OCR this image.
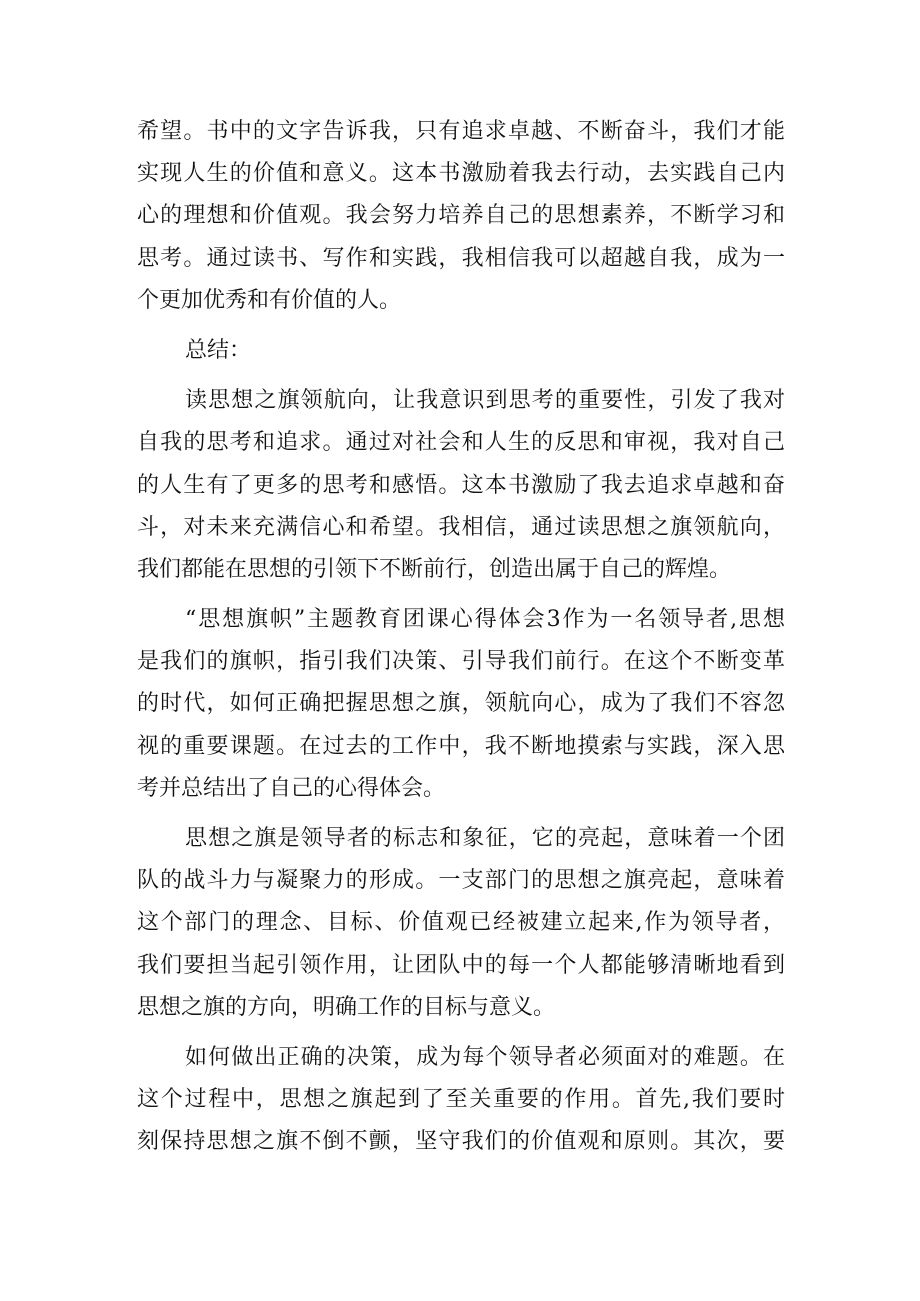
希望。书中的文字告诉我，只有追求卓越、不断奋斗，我们才能
实现人生的价值和意义。这本书激励着我去行动，去实践自己内
心的理想和价值观。我会努力培养自己的思想素养，不断学习和
思考。通过读书、写作和实践，我相信我可以超越自我，成为一
个更加优秀和有价值的人。
总结：
读思想之旗领航向，让我意识到思考的重要性，引发了我对
自我的思考和追求。通过对社会和人生的反思和审视，我对自己
的人生有了更多的思考和感悟。这本书激励了我去追求卓越和奋
斗，对未来充满信心和希望。我相信，通过读思想之旗领航向，
我们都能在思想的引领下不断前行，创造出属于自己的辉煌。
“思想旗帜”主题教育团课心得体会3作为一名领导者,思想
是我们的旗帜，指引我们决策、引导我们前行。在这个不断变革
的时代，如何正确把握思想之旗，领航向心，成为了我们不容忽
视的重要课题。在过去的工作中，我不断地摸索与实践，深入思
考并总结出了自己的心得体会。
思想之旗是领导者的标志和象征，它的亮起，意味着一个团
队的战斗力与凝聚力的形成。一支部门的思想之旗亮起，意味着
这个部门的理念、目标、价值观已经被建立起来,作为领导者，
我们要担当起引领作用，让团队中的每一个人都能够清晰地看到
思想之旗的方向，明确工作的目标与意义。
如何做出正确的决策，成为每个领导者必须面对的难题。在
这个过程中，思想之旗起到了至关重要的作用。首先,我们要时
刻保持思想之旗不倒不颤，坚守我们的价值观和原则。其次，要
